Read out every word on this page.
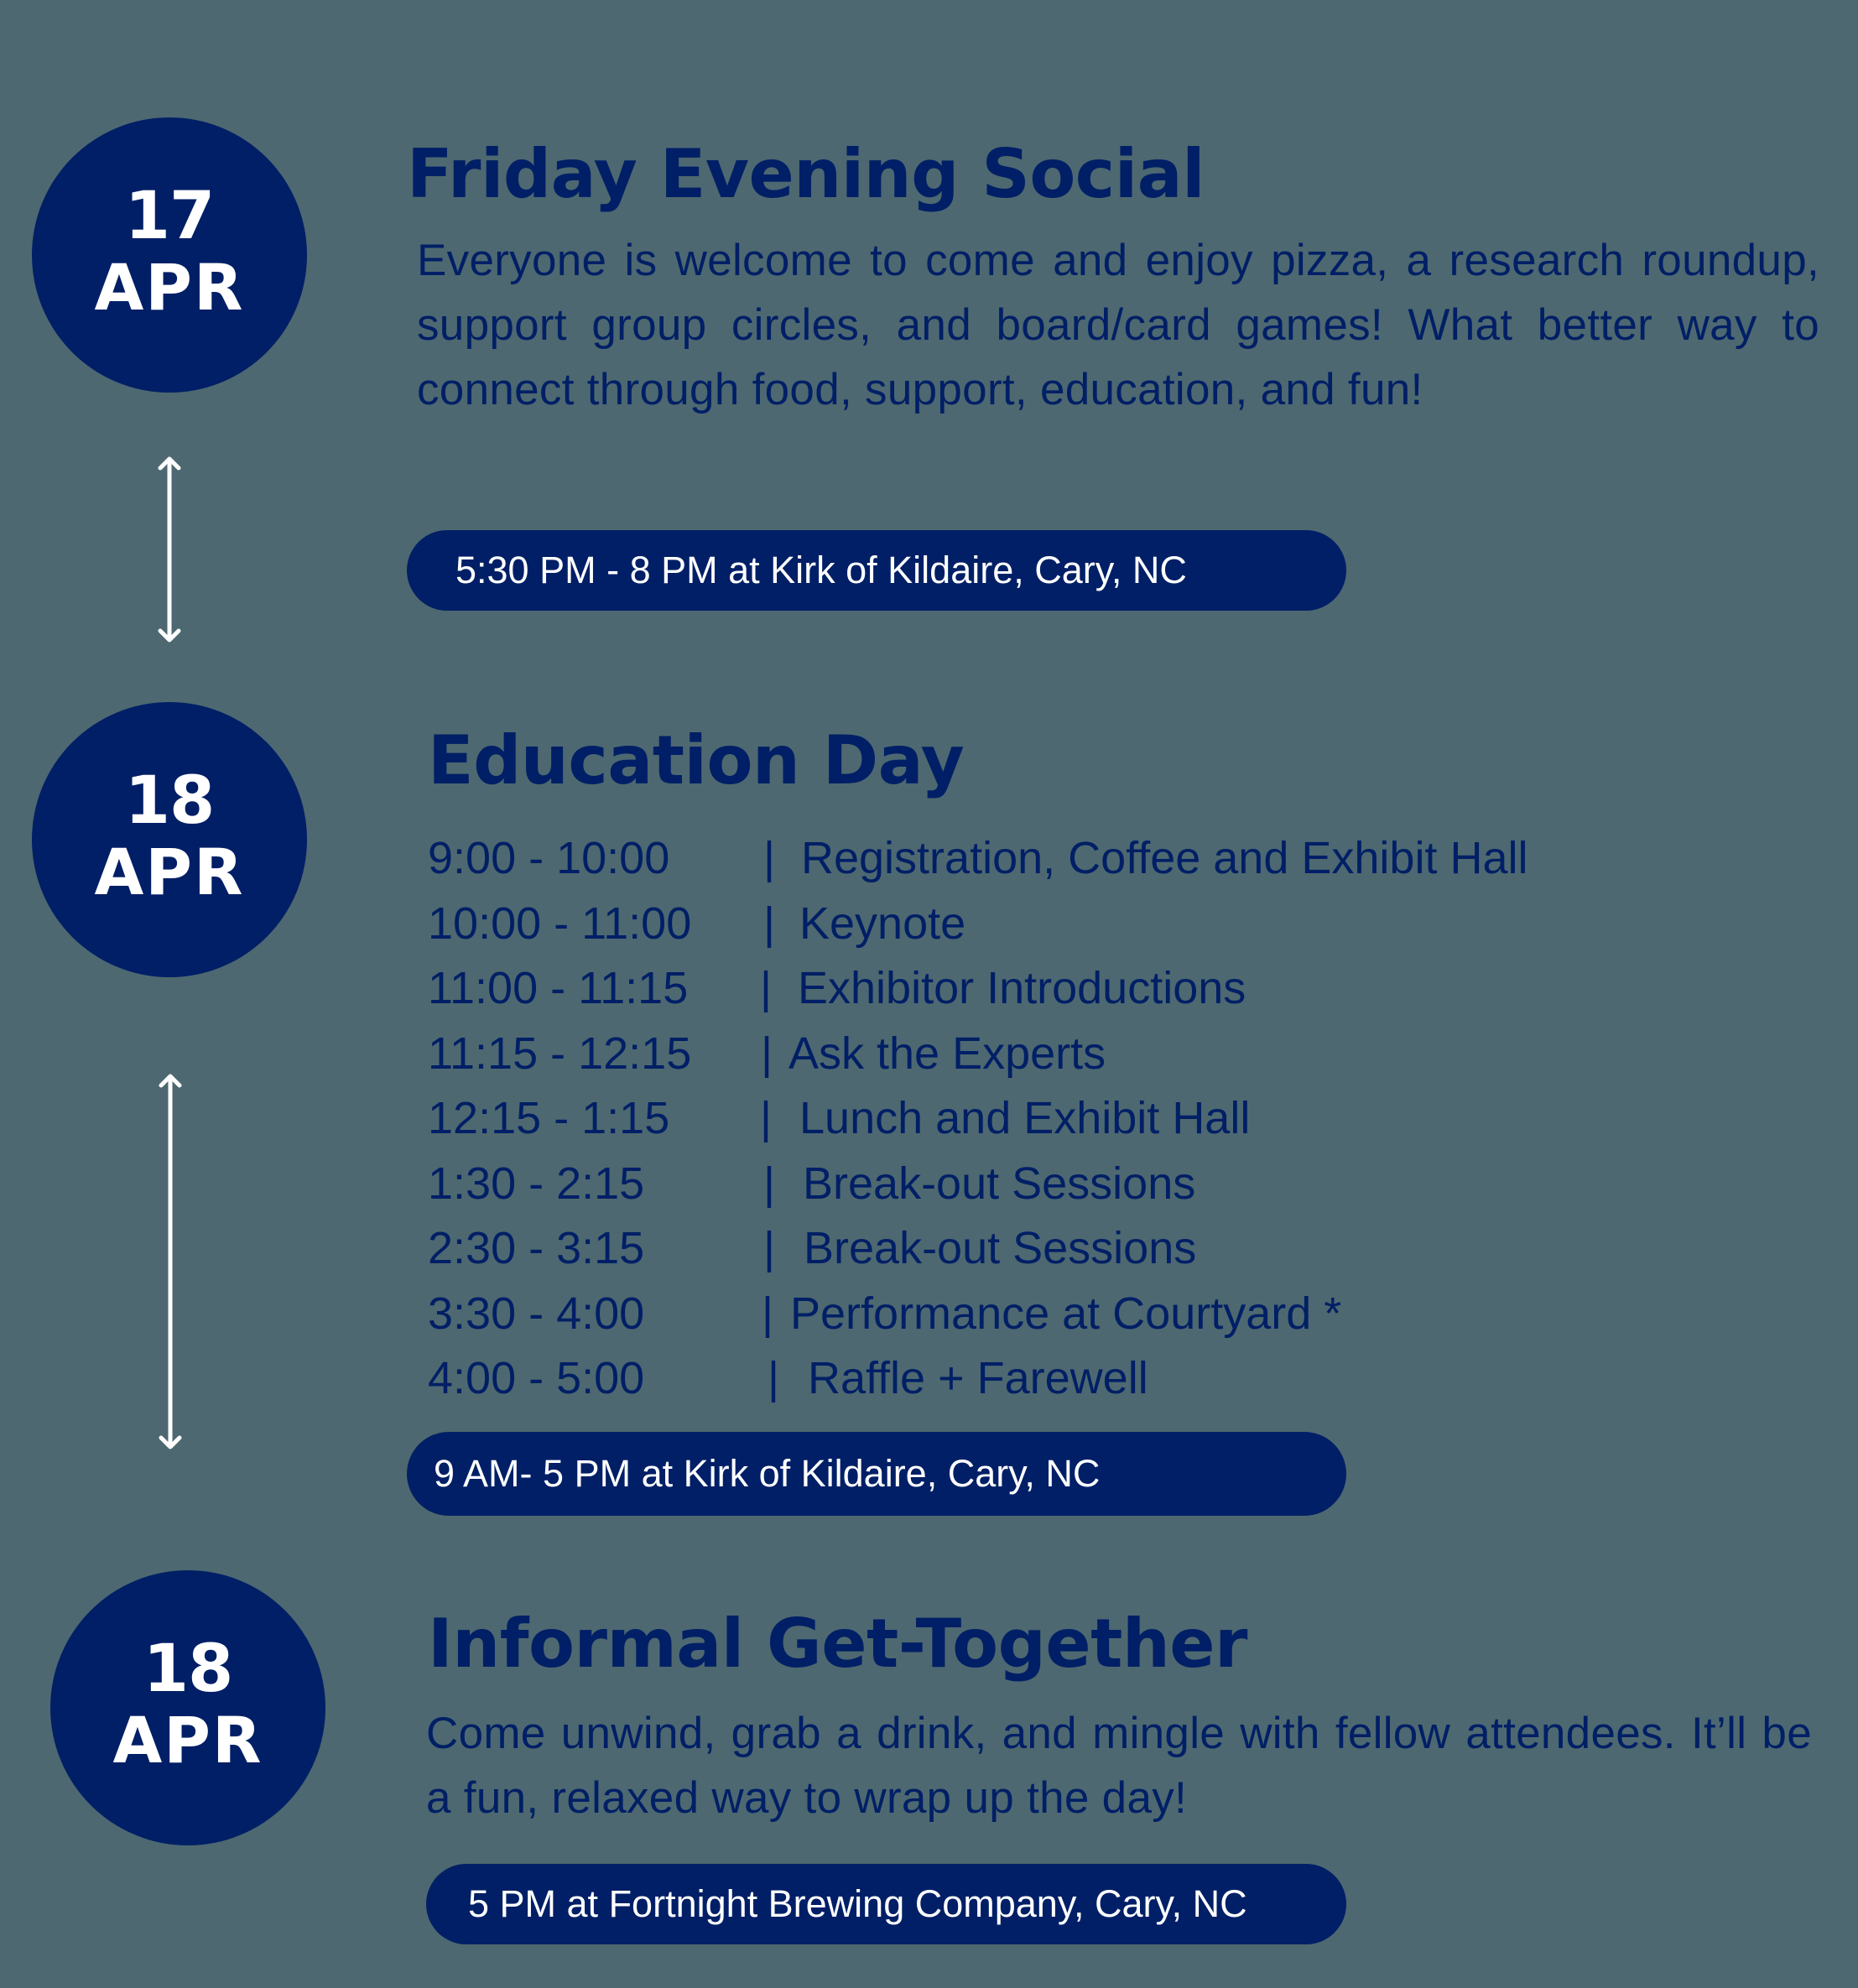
17
APR
Friday Evening Social
Everyone is welcome to come and enjoy pizza, a research roundup, support group circles, and board/card games! What better way to connect through food, support, education, and fun!
5:30 PM - 8 PM at Kirk of Kildaire, Cary, NC
18
APR
Education Day
9:00 - 10:00 | Registration, Coffee and Exhibit Hall
10:00 - 11:00 | Keynote
11:00 - 11:15 | Exhibitor Introductions
11:15 - 12:15 | Ask the Experts
12:15 - 1:15 | Lunch and Exhibit Hall
1:30 - 2:15	| Break-out Sessions
2:30 - 3:15	| Break-out Sessions
3:30 - 4:00	| Performance at Courtyard *
4:00 - 5:00	| Raffle + Farewell
9 AM- 5 PM at Kirk of Kildaire, Cary, NC
18
APR
Informal Get-Together
Come unwind, grab a drink, and mingle with fellow attendees. It’ll be a fun, relaxed way to wrap up the day!
5 PM at Fortnight Brewing Company, Cary, NC
